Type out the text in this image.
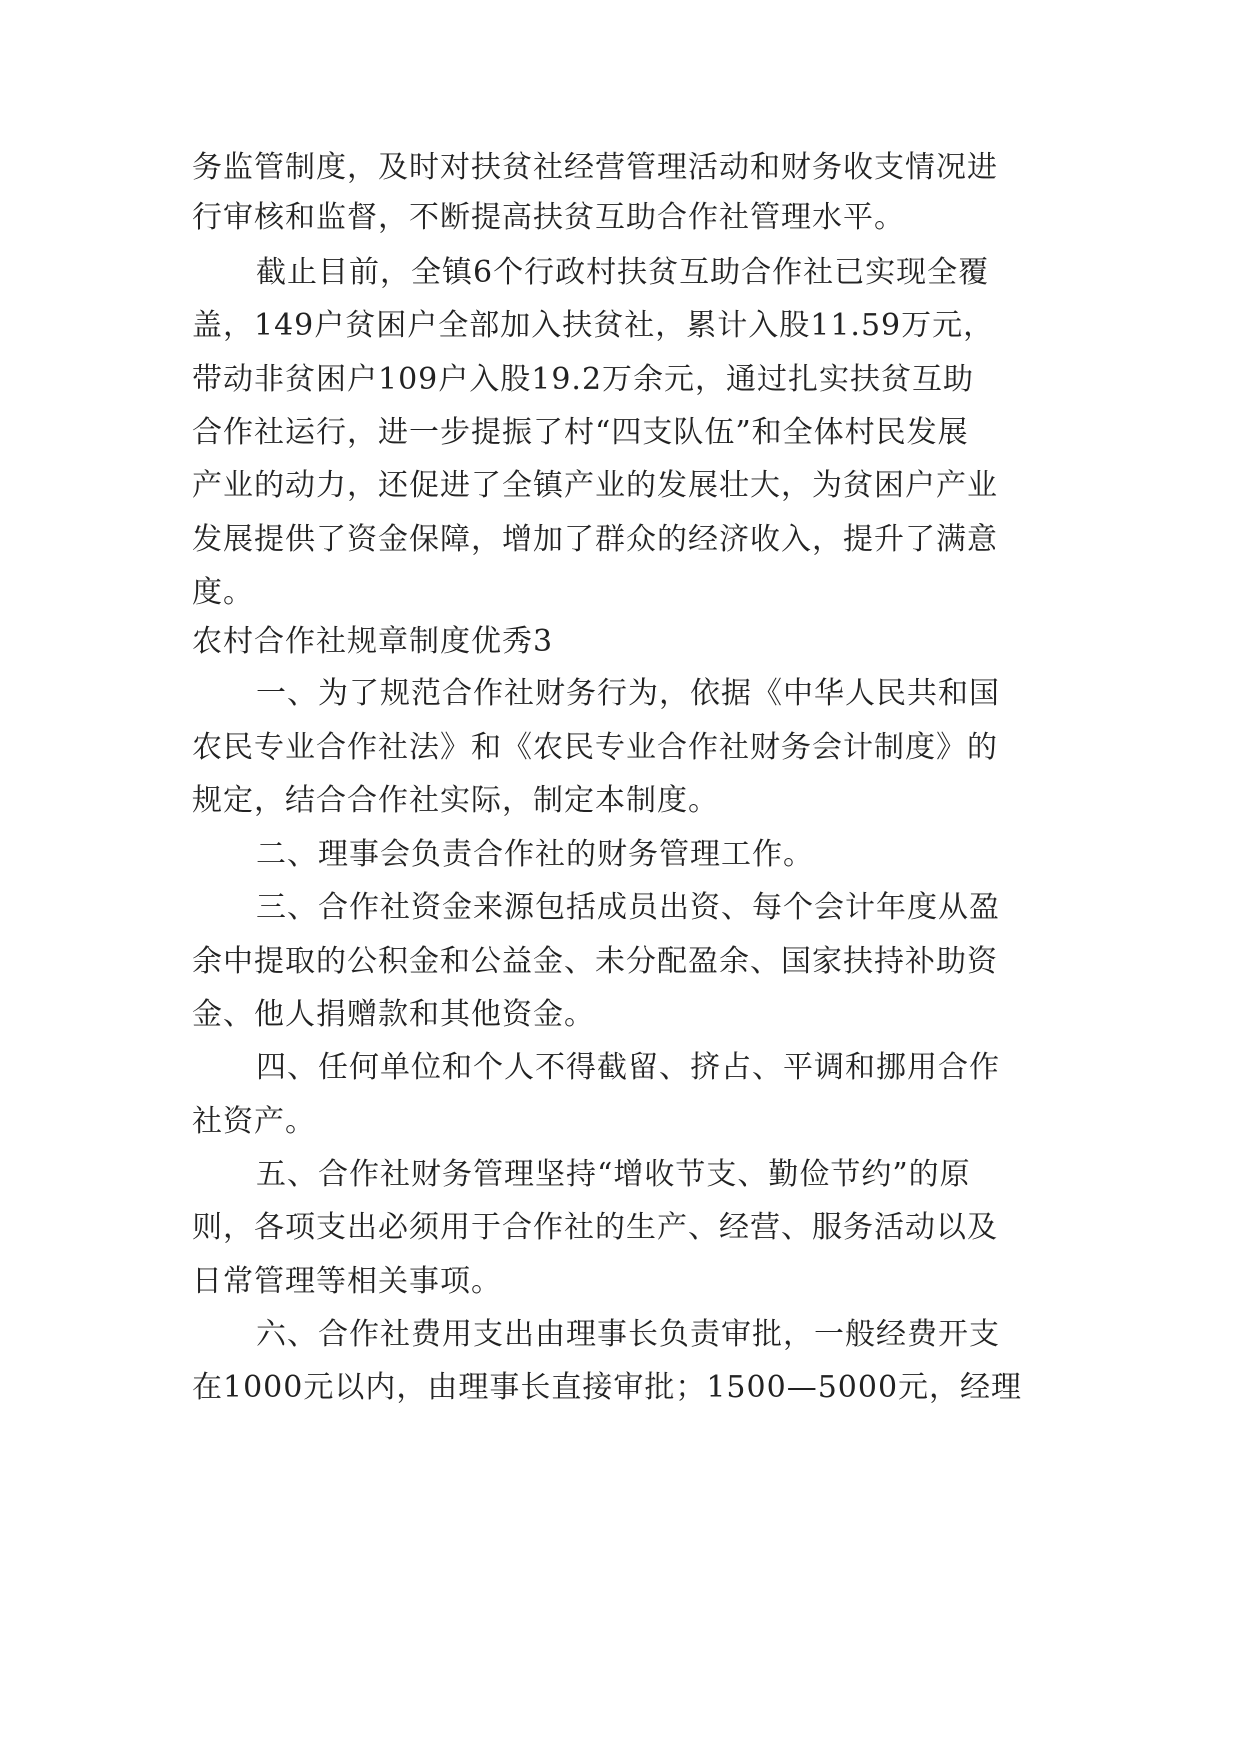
务监管制度，及时对扶贫社经营管理活动和财务收支情况进
行审核和监督，不断提高扶贫互助合作社管理水平。
截止目前，全镇6个行政村扶贫互助合作社已实现全覆
盖，149户贫困户全部加入扶贫社，累计入股11.59万元，
带动非贫困户109户入股19.2万余元，通过扎实扶贫互助
合作社运行，进一步提振了村“四支队伍”和全体村民发展
产业的动力，还促进了全镇产业的发展壮大，为贫困户产业
发展提供了资金保障，增加了群众的经济收入，提升了满意
度。
农村合作社规章制度优秀3
一、为了规范合作社财务行为，依据《中华人民共和国
农民专业合作社法》和《农民专业合作社财务会计制度》的
规定，结合合作社实际，制定本制度。
二、理事会负责合作社的财务管理工作。
三、合作社资金来源包括成员出资、每个会计年度从盈
余中提取的公积金和公益金、未分配盈余、国家扶持补助资
金、他人捐赠款和其他资金。
四、任何单位和个人不得截留、挤占、平调和挪用合作
社资产。
五、合作社财务管理坚持“增收节支、勤俭节约”的原
则，各项支出必须用于合作社的生产、经营、服务活动以及
日常管理等相关事项。
六、合作社费用支出由理事长负责审批，一般经费开支
在1000元以内，由理事长直接审批；1500—5000元，经理
